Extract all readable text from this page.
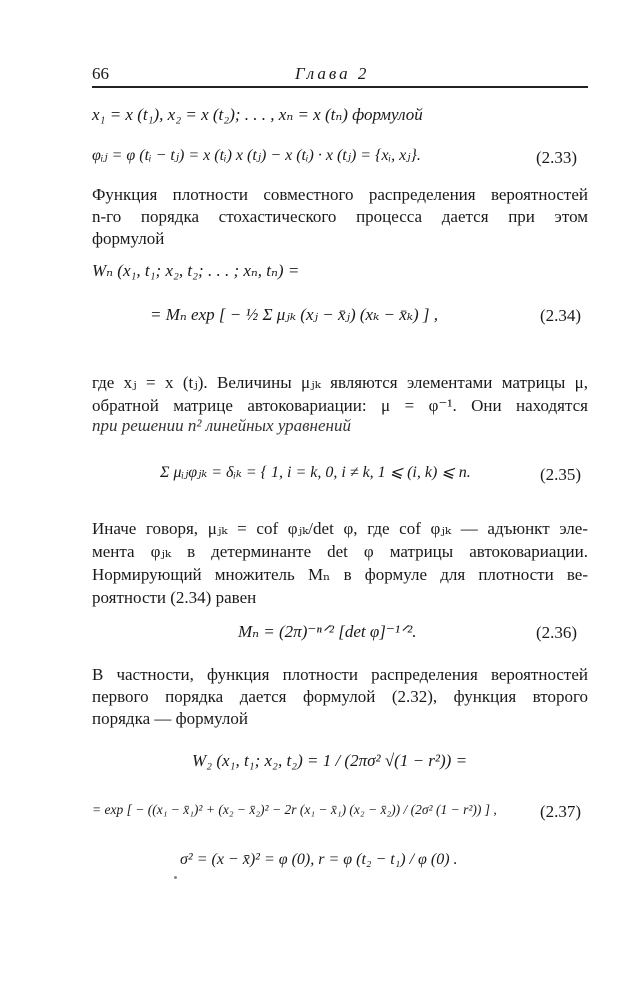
66	Глава 2
x₁ = x (t₁), x₂ = x (t₂); . . . , xₙ = x (tₙ) формулой
φᵢⱼ = φ (tᵢ − tⱼ) = x (tᵢ) x (tⱼ) − x (tᵢ) · x (tⱼ) = {xᵢ, xⱼ}.	(2.33)
Функция плотности совместного распределения вероятностей
n-го порядка стохастического процесса дается при этом
формулой
Wₙ (x₁, t₁; x₂, t₂; . . . ; xₙ, tₙ) =
= Mₙ exp [ − ½ Σ μⱼₖ (xⱼ − x̄ⱼ) (xₖ − x̄ₖ) ] ,	(2.34)
где xⱼ = x (tⱼ). Величины μⱼₖ являются элементами матрицы μ,
обратной матрице автоковариации: μ = φ⁻¹. Они находятся
при решении n² линейных уравнений
Σ μᵢⱼφⱼₖ = δᵢₖ = { 1, i = k, 0, i ≠ k, 1 ⩽ (i, k) ⩽ n.	(2.35)
Иначе говоря, μⱼₖ = cof φⱼₖ/det φ, где cof φⱼₖ — адъюнкт эле-
мента φⱼₖ в детерминанте det φ матрицы автоковариации.
Нормирующий множитель Mₙ в формуле для плотности ве-
роятности (2.34) равен
Mₙ = (2π)⁻ⁿᐟ² [det φ]⁻¹ᐟ².	(2.36)
В частности, функция плотности распределения вероятностей
первого порядка дается формулой (2.32), функция второго
порядка — формулой
W₂ (x₁, t₁; x₂, t₂) = 1 / (2πσ² √(1 − r²)) =
= exp [ − ((x₁ − x̄₁)² + (x₂ − x̄₂)² − 2r (x₁ − x̄₁) (x₂ − x̄₂)) / (2σ² (1 − r²)) ] ,	(2.37)
σ² = (x − x̄)² = φ (0), r = φ (t₂ − t₁) / φ (0) .
